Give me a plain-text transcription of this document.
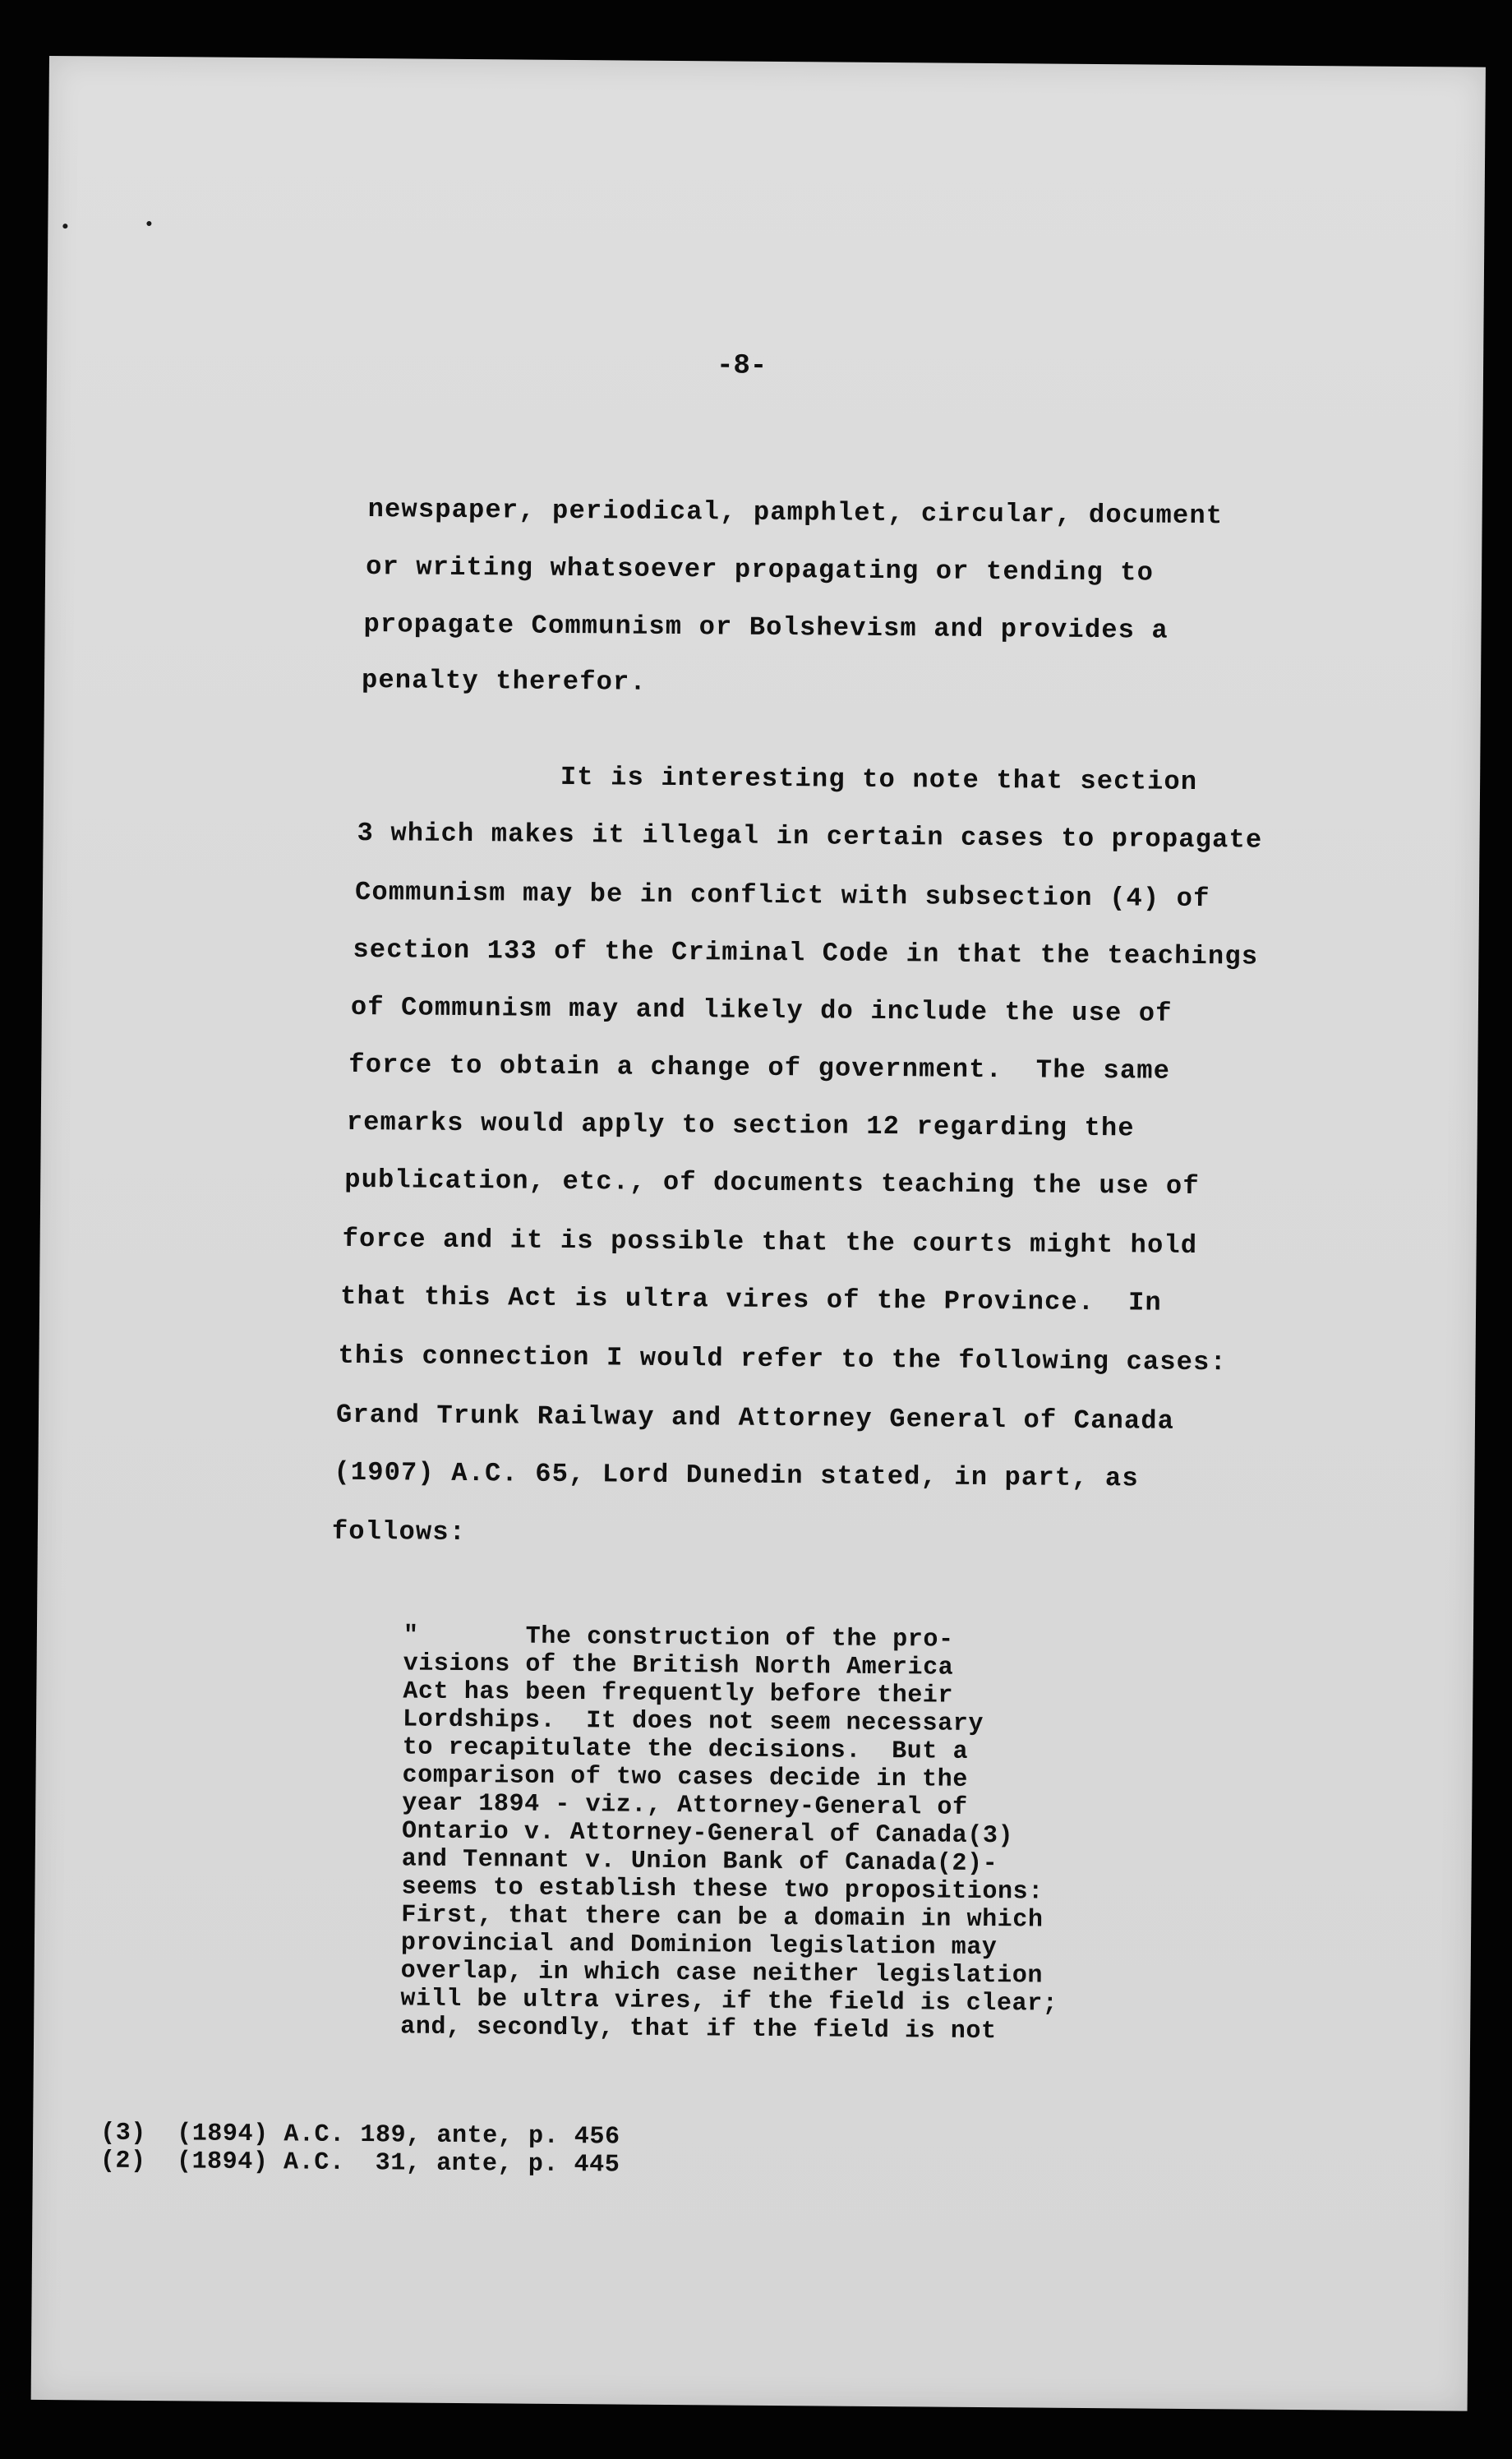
-8-

newspaper, periodical, pamphlet, circular, document

or writing whatsoever propagating or tending to

propagate Communism or Bolshevism and provides a

penalty therefor.

It is interesting to note that section

3 which makes it illegal in certain cases to propagate

Communism may be in conflict with subsection (4) of

section 133 of the Criminal Code in that the teachings

of Communism may and likely do include the use of

force to obtain a change of government.  The same

remarks would apply to section 12 regarding the

publication, etc., of documents teaching the use of

force and it is possible that the courts might hold

that this Act is ultra vires of the Province.  In

this connection I would refer to the following cases:

Grand Trunk Railway and Attorney General of Canada

(1907) A.C. 65, Lord Dunedin stated, in part, as

follows:

"       The construction of the pro-

visions of the British North America

Act has been frequently before their

Lordships.  It does not seem necessary

to recapitulate the decisions.  But a

comparison of two cases decide in the

year 1894 - viz., Attorney-General of

Ontario v. Attorney-General of Canada(3)

and Tennant v. Union Bank of Canada(2)-

seems to establish these two propositions:

First, that there can be a domain in which

provincial and Dominion legislation may

overlap, in which case neither legislation

will be ultra vires, if the field is clear;

and, secondly, that if the field is not

(3)  (1894) A.C. 189, ante, p. 456

(2)  (1894) A.C.  31, ante, p. 445
